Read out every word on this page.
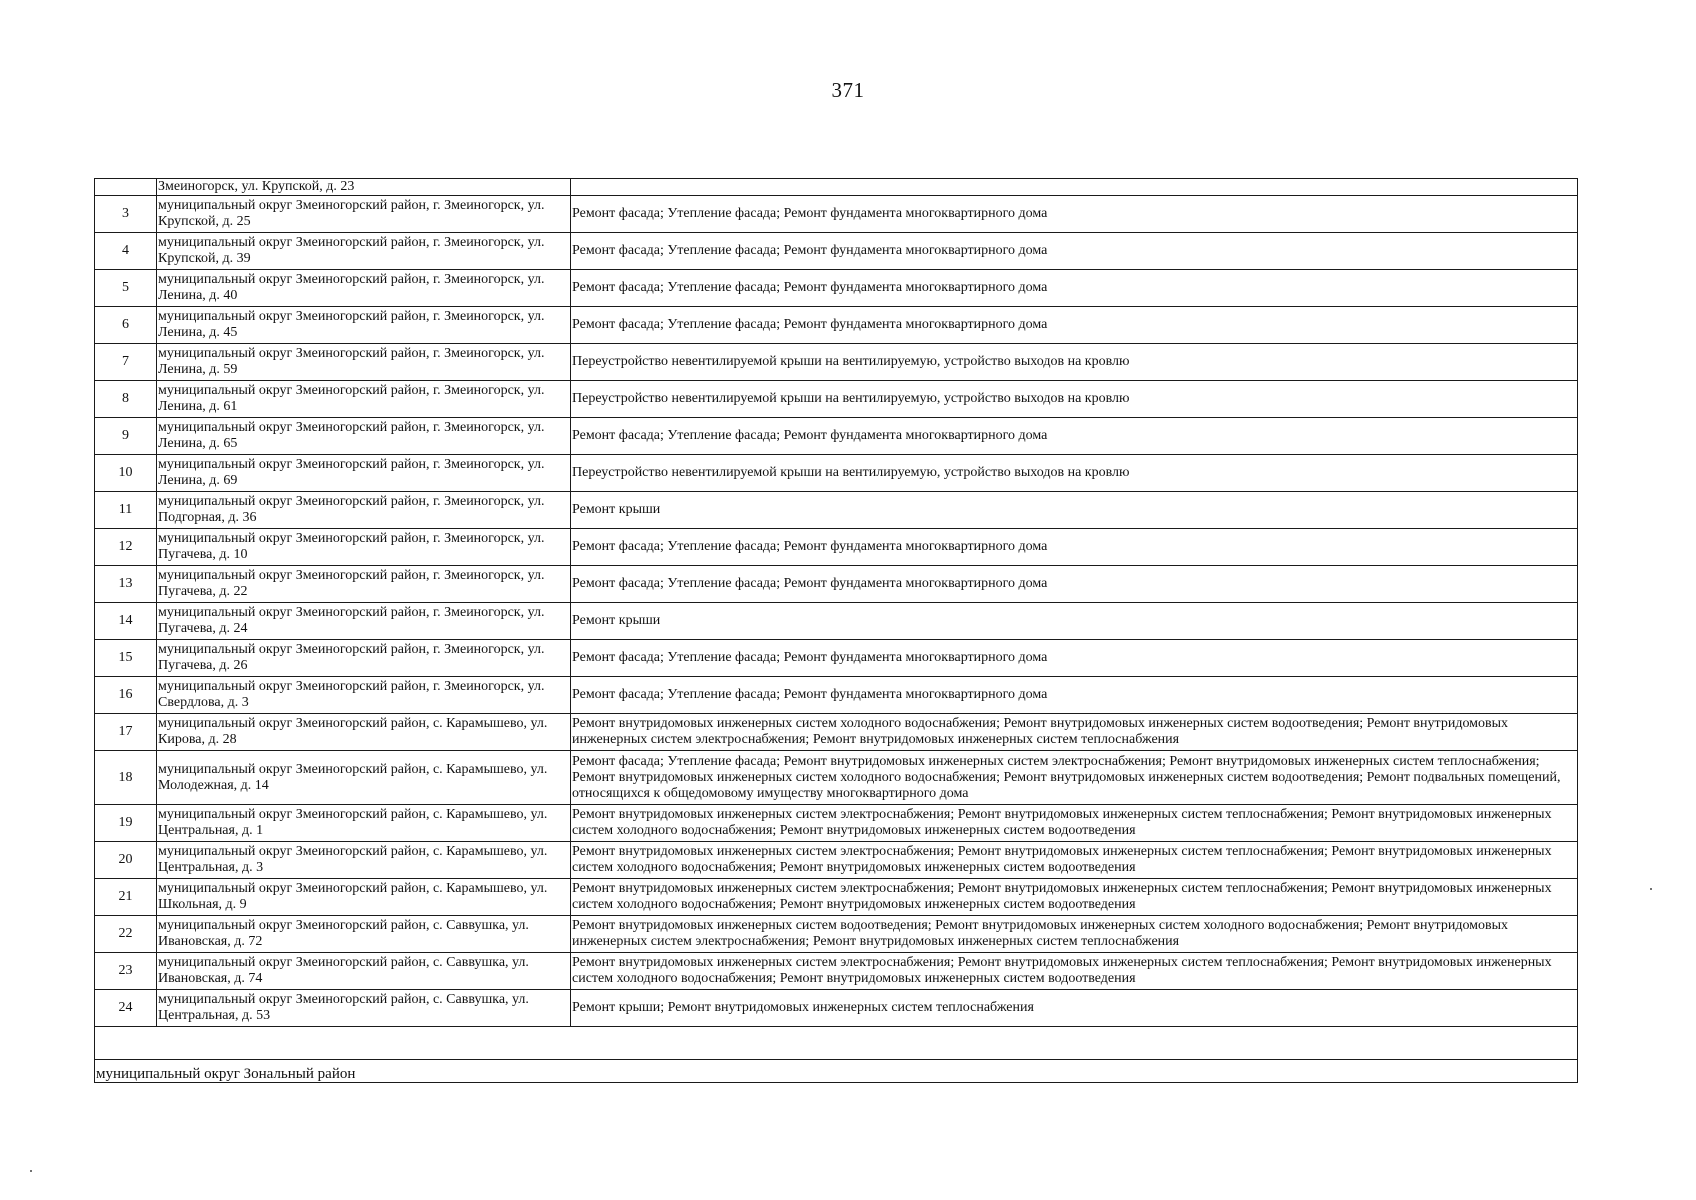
371
	Змеиногорск, ул. Крупской, д. 23	
3	муниципальный округ Змеиногорский район, г. Змеиногорск, ул. Крупской, д. 25	Ремонт фасада; Утепление фасада; Ремонт фундамента многоквартирного дома
4	муниципальный округ Змеиногорский район, г. Змеиногорск, ул. Крупской, д. 39	Ремонт фасада; Утепление фасада; Ремонт фундамента многоквартирного дома
5	муниципальный округ Змеиногорский район, г. Змеиногорск, ул. Ленина, д. 40	Ремонт фасада; Утепление фасада; Ремонт фундамента многоквартирного дома
6	муниципальный округ Змеиногорский район, г. Змеиногорск, ул. Ленина, д. 45	Ремонт фасада; Утепление фасада; Ремонт фундамента многоквартирного дома
7	муниципальный округ Змеиногорский район, г. Змеиногорск, ул. Ленина, д. 59	Переустройство невентилируемой крыши на вентилируемую, устройство выходов на кровлю
8	муниципальный округ Змеиногорский район, г. Змеиногорск, ул. Ленина, д. 61	Переустройство невентилируемой крыши на вентилируемую, устройство выходов на кровлю
9	муниципальный округ Змеиногорский район, г. Змеиногорск, ул. Ленина, д. 65	Ремонт фасада; Утепление фасада; Ремонт фундамента многоквартирного дома
10	муниципальный округ Змеиногорский район, г. Змеиногорск, ул. Ленина, д. 69	Переустройство невентилируемой крыши на вентилируемую, устройство выходов на кровлю
11	муниципальный округ Змеиногорский район, г. Змеиногорск, ул. Подгорная, д. 36	Ремонт крыши
12	муниципальный округ Змеиногорский район, г. Змеиногорск, ул. Пугачева, д. 10	Ремонт фасада; Утепление фасада; Ремонт фундамента многоквартирного дома
13	муниципальный округ Змеиногорский район, г. Змеиногорск, ул. Пугачева, д. 22	Ремонт фасада; Утепление фасада; Ремонт фундамента многоквартирного дома
14	муниципальный округ Змеиногорский район, г. Змеиногорск, ул. Пугачева, д. 24	Ремонт крыши
15	муниципальный округ Змеиногорский район, г. Змеиногорск, ул. Пугачева, д. 26	Ремонт фасада; Утепление фасада; Ремонт фундамента многоквартирного дома
16	муниципальный округ Змеиногорский район, г. Змеиногорск, ул. Свердлова, д. 3	Ремонт фасада; Утепление фасада; Ремонт фундамента многоквартирного дома
17	муниципальный округ Змеиногорский район, с. Карамышево, ул. Кирова, д. 28	Ремонт внутридомовых инженерных систем холодного водоснабжения; Ремонт внутридомовых инженерных систем водоотведения; Ремонт внутридомовых инженерных систем электроснабжения; Ремонт внутридомовых инженерных систем теплоснабжения
18	муниципальный округ Змеиногорский район, с. Карамышево, ул. Молодежная, д. 14	Ремонт фасада; Утепление фасада; Ремонт внутридомовых инженерных систем электроснабжения; Ремонт внутридомовых инженерных систем теплоснабжения; Ремонт внутридомовых инженерных систем холодного водоснабжения; Ремонт внутридомовых инженерных систем водоотведения; Ремонт подвальных помещений, относящихся к общедомовому имуществу многоквартирного дома
19	муниципальный округ Змеиногорский район, с. Карамышево, ул. Центральная, д. 1	Ремонт внутридомовых инженерных систем электроснабжения; Ремонт внутридомовых инженерных систем теплоснабжения; Ремонт внутридомовых инженерных систем холодного водоснабжения; Ремонт внутридомовых инженерных систем водоотведения
20	муниципальный округ Змеиногорский район, с. Карамышево, ул. Центральная, д. 3	Ремонт внутридомовых инженерных систем электроснабжения; Ремонт внутридомовых инженерных систем теплоснабжения; Ремонт внутридомовых инженерных систем холодного водоснабжения; Ремонт внутридомовых инженерных систем водоотведения
21	муниципальный округ Змеиногорский район, с. Карамышево, ул. Школьная, д. 9	Ремонт внутридомовых инженерных систем электроснабжения; Ремонт внутридомовых инженерных систем теплоснабжения; Ремонт внутридомовых инженерных систем холодного водоснабжения; Ремонт внутридомовых инженерных систем водоотведения
22	муниципальный округ Змеиногорский район, с. Саввушка, ул. Ивановская, д. 72	Ремонт внутридомовых инженерных систем водоотведения; Ремонт внутридомовых инженерных систем холодного водоснабжения; Ремонт внутридомовых инженерных систем электроснабжения; Ремонт внутридомовых инженерных систем теплоснабжения
23	муниципальный округ Змеиногорский район, с. Саввушка, ул. Ивановская, д. 74	Ремонт внутридомовых инженерных систем электроснабжения; Ремонт внутридомовых инженерных систем теплоснабжения; Ремонт внутридомовых инженерных систем холодного водоснабжения; Ремонт внутридомовых инженерных систем водоотведения
24	муниципальный округ Змеиногорский район, с. Саввушка, ул. Центральная, д. 53	Ремонт крыши; Ремонт внутридомовых инженерных систем теплоснабжения

муниципальный округ Зональный район		
